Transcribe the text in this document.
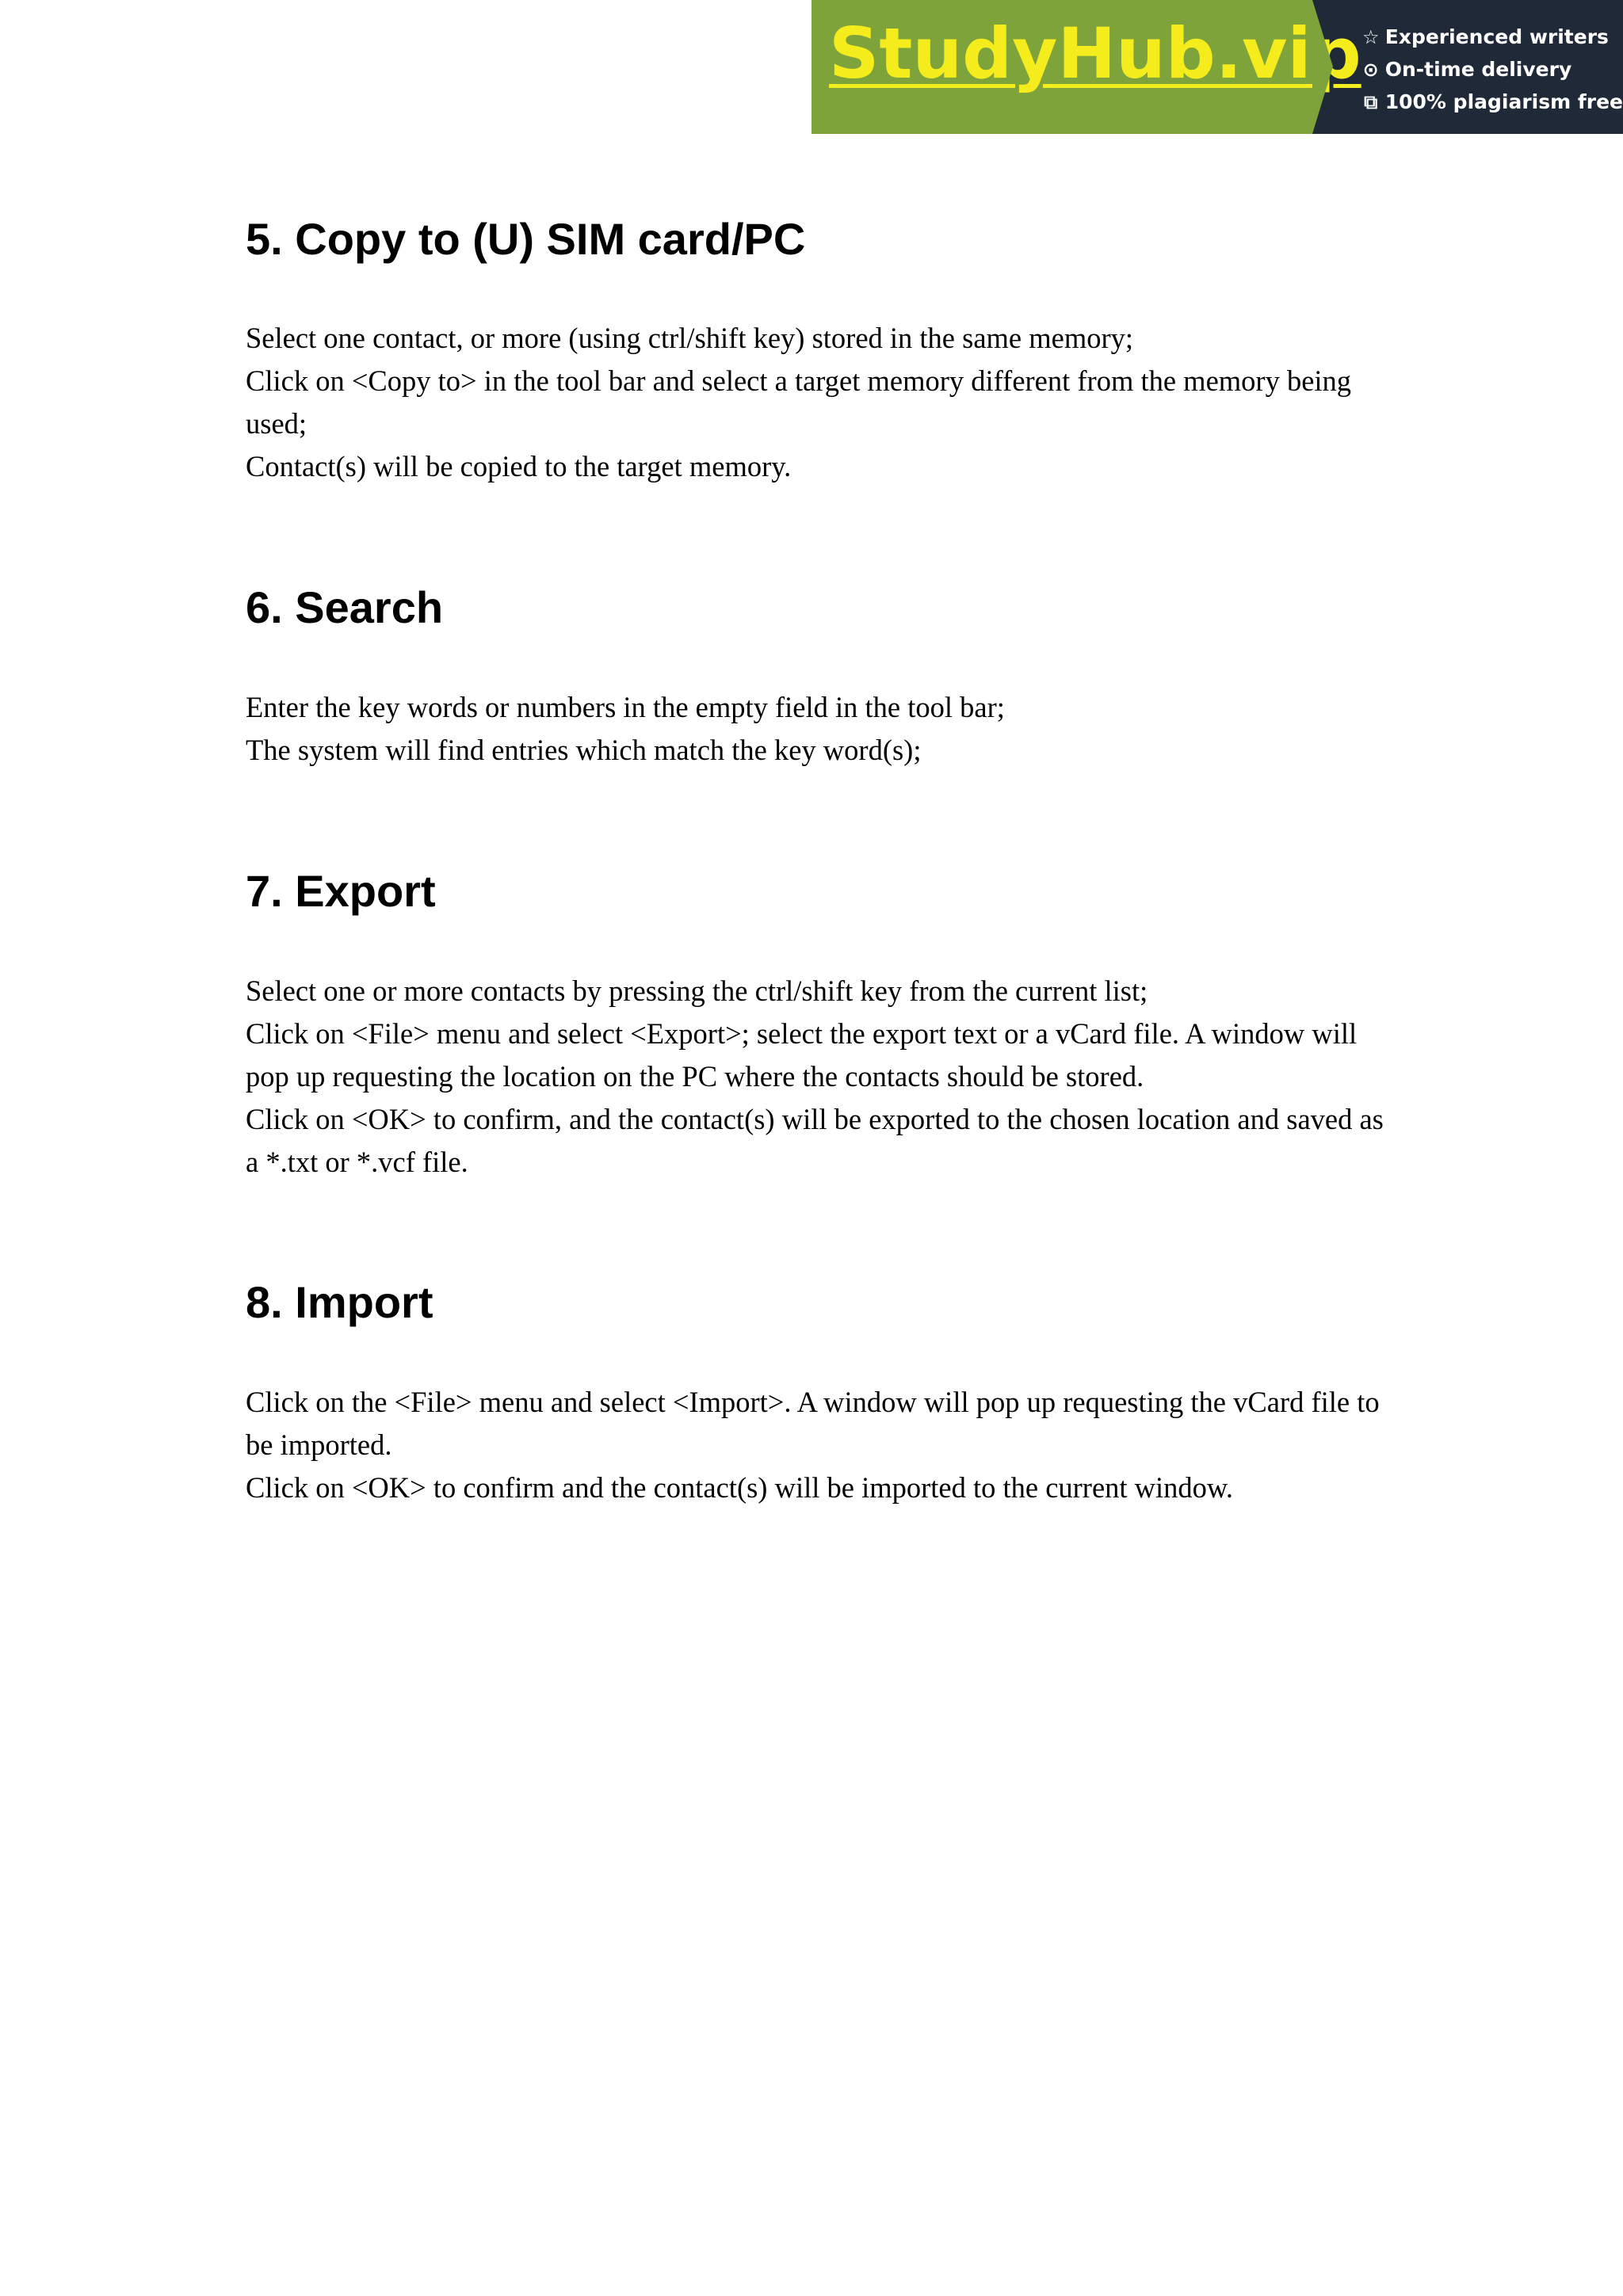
StudyHub.vip ☆ Experienced writers
⊙ On-time delivery
⧉ 100% plagiarism free
5. Copy to (U) SIM card/PC

Select one contact, or more (using ctrl/shift key) stored in the same memory;

Click on <Copy to> in the tool bar and select a target memory different from the memory being used;

Contact(s) will be copied to the target memory.

6. Search

Enter the key words or numbers in the empty field in the tool bar;

The system will find entries which match the key word(s);

7. Export

Select one or more contacts by pressing the ctrl/shift key from the current list;

Click on <File> menu and select <Export>; select the export text or a vCard file. A window will pop up requesting the location on the PC where the contacts should be stored.

Click on <OK> to confirm, and the contact(s) will be exported to the chosen location and saved as a *.txt or *.vcf file.

8. Import

Click on the <File> menu and select <Import>. A window will pop up requesting the vCard file to be imported.

Click on <OK> to confirm and the contact(s) will be imported to the current window.
